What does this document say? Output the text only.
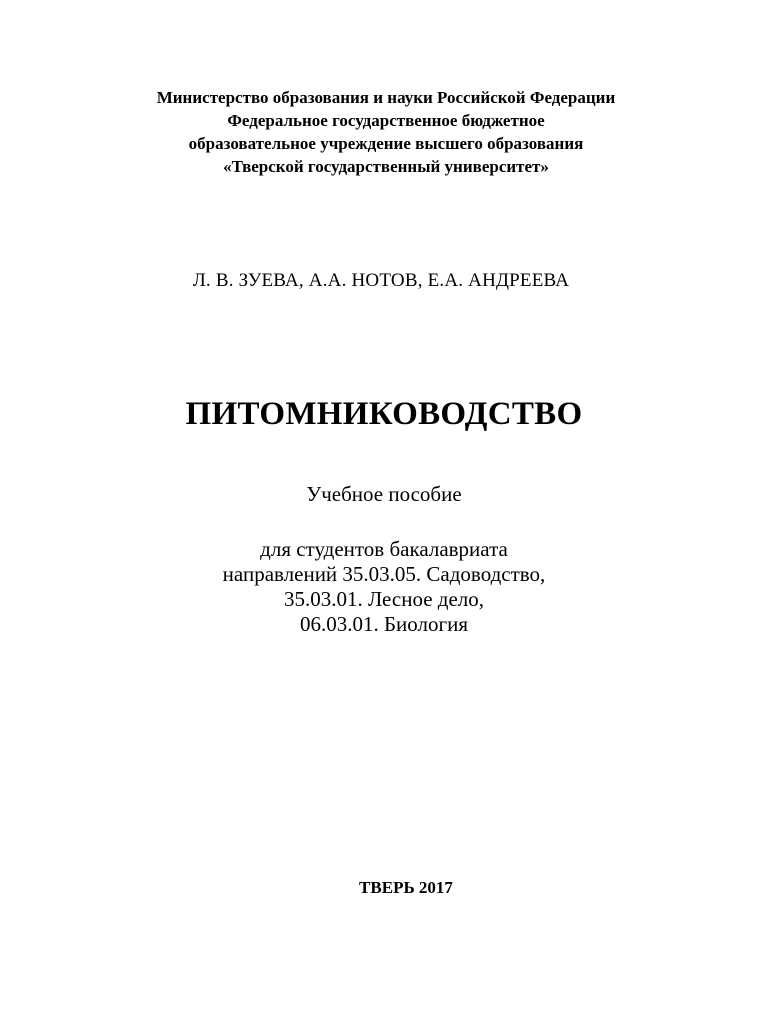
Министерство образования и науки Российской Федерации
Федеральное государственное бюджетное
образовательное учреждение высшего образования
«Тверской государственный университет»
Л. В. ЗУЕВА, А.А. НОТОВ, Е.А. АНДРЕЕВА
ПИТОМНИКОВОДСТВО
Учебное пособие
для студентов бакалавриата
направлений 35.03.05. Садоводство,
35.03.01. Лесное дело,
06.03.01. Биология
ТВЕРЬ 2017
